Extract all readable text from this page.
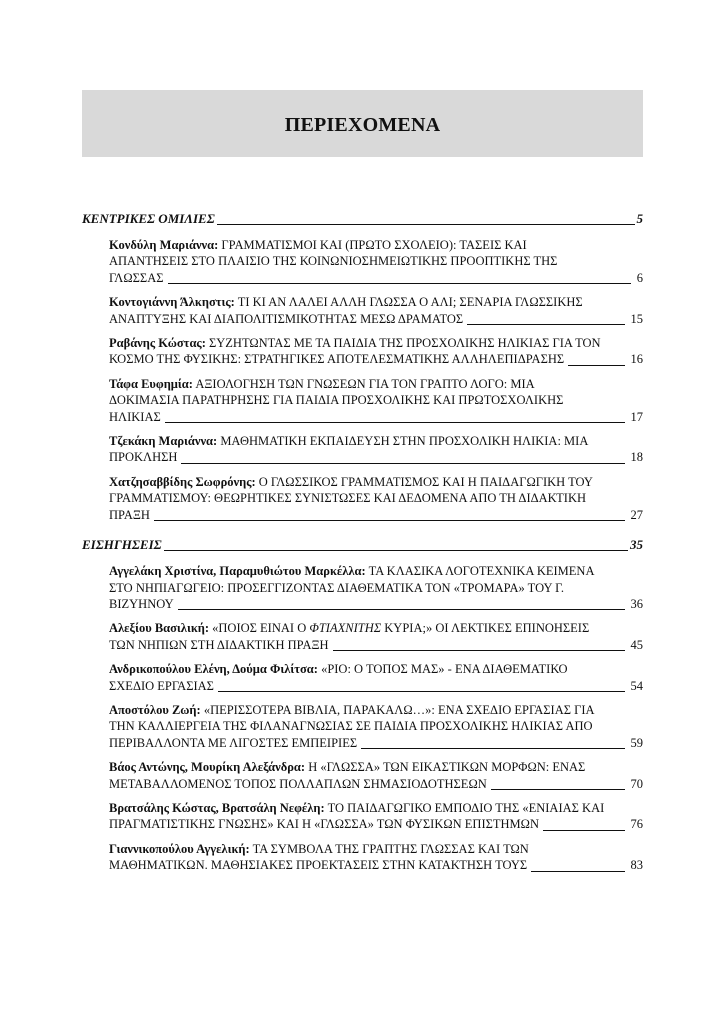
ΠΕΡΙΕΧΟΜΕΝΑ
ΚΕΝΤΡΙΚΕΣ ΟΜΙΛΙΕΣ	5
Κονδύλη Μαριάννα: ΓΡΑΜΜΑΤΙΣΜΟΙ ΚΑΙ (ΠΡΩΤΟ ΣΧΟΛΕΙΟ): ΤΑΣΕΙΣ ΚΑΙ
ΑΠΑΝΤΗΣΕΙΣ ΣΤΟ ΠΛΑΙΣΙΟ ΤΗΣ ΚΟΙΝΩΝΙΟΣΗΜΕΙΩΤΙΚΗΣ ΠΡΟΟΠΤΙΚΗΣ ΤΗΣ
ΓΛΩΣΣΑΣ	6
Κοντογιάννη Άλκηστις: ΤΙ ΚΙ ΑΝ ΛΑΛΕΙ ΑΛΛΗ ΓΛΩΣΣΑ Ο ΑΛΙ; ΣΕΝΑΡΙΑ ΓΛΩΣΣΙΚΗΣ
ΑΝΑΠΤΥΞΗΣ ΚΑΙ ΔΙΑΠΟΛΙΤΙΣΜΙΚΟΤΗΤΑΣ ΜΕΣΩ ΔΡΑΜΑΤΟΣ	15
Ραβάνης Κώστας: ΣΥΖΗΤΩΝΤΑΣ ΜΕ ΤΑ ΠΑΙΔΙΑ ΤΗΣ ΠΡΟΣΧΟΛΙΚΗΣ ΗΛΙΚΙΑΣ ΓΙΑ ΤΟΝ
ΚΟΣΜΟ ΤΗΣ ΦΥΣΙΚΗΣ: ΣΤΡΑΤΗΓΙΚΕΣ ΑΠΟΤΕΛΕΣΜΑΤΙΚΗΣ ΑΛΛΗΛΕΠΙΔΡΑΣΗΣ	16
Τάφα Ευφημία: ΑΞΙΟΛΟΓΗΣΗ ΤΩΝ ΓΝΩΣΕΩΝ ΓΙΑ ΤΟΝ ΓΡΑΠΤΟ ΛΟΓΟ: ΜΙΑ
ΔΟΚΙΜΑΣΙΑ ΠΑΡΑΤΗΡΗΣΗΣ ΓΙΑ ΠΑΙΔΙΑ ΠΡΟΣΧΟΛΙΚΗΣ ΚΑΙ ΠΡΩΤΟΣΧΟΛΙΚΗΣ
ΗΛΙΚΙΑΣ	17
Τζεκάκη Μαριάννα: ΜΑΘΗΜΑΤΙΚΗ ΕΚΠΑΙΔΕΥΣΗ ΣΤΗΝ ΠΡΟΣΧΟΛΙΚΗ ΗΛΙΚΙΑ: ΜΙΑ
ΠΡΟΚΛΗΣΗ	18
Χατζησαββίδης Σωφρόνης: Ο ΓΛΩΣΣΙΚΟΣ ΓΡΑΜΜΑΤΙΣΜΟΣ ΚΑΙ Η ΠΑΙΔΑΓΩΓΙΚΗ ΤΟΥ
ΓΡΑΜΜΑΤΙΣΜΟΥ: ΘΕΩΡΗΤΙΚΕΣ ΣΥΝΙΣΤΩΣΕΣ ΚΑΙ ΔΕΔΟΜΕΝΑ ΑΠΟ ΤΗ ΔΙΔΑΚΤΙΚΗ
ΠΡΑΞΗ	27
ΕΙΣΗΓΗΣΕΙΣ	35
Αγγελάκη Χριστίνα, Παραμυθιώτου Μαρκέλλα: ΤΑ ΚΛΑΣΙΚΑ ΛΟΓΟΤΕΧΝΙΚΑ ΚΕΙΜΕΝΑ
ΣΤΟ ΝΗΠΙΑΓΩΓΕΙΟ: ΠΡΟΣΕΓΓΙΖΟΝΤΑΣ ΔΙΑΘΕΜΑΤΙΚΑ ΤΟΝ «ΤΡΟΜΑΡΑ» ΤΟΥ Γ.
ΒΙΖΥΗΝΟΥ	36
Αλεξίου Βασιλική: «ΠΟΙΟΣ ΕΙΝΑΙ Ο ΦΤΙΑΧΝΙΤΗΣ ΚΥΡΙΑ;» ΟΙ ΛΕΚΤΙΚΕΣ ΕΠΙΝΟΗΣΕΙΣ
ΤΩΝ ΝΗΠΙΩΝ ΣΤΗ ΔΙΔΑΚΤΙΚΗ ΠΡΑΞΗ	45
Ανδρικοπούλου Ελένη, Δούμα Φιλίτσα: «ΡΙΟ: Ο ΤΟΠΟΣ ΜΑΣ» - ΕΝΑ ΔΙΑΘΕΜΑΤΙΚΟ
ΣΧΕΔΙΟ ΕΡΓΑΣΙΑΣ	54
Αποστόλου Ζωή: «ΠΕΡΙΣΣΟΤΕΡΑ ΒΙΒΛΙΑ, ΠΑΡΑΚΑΛΩ…»: ΕΝΑ ΣΧΕΔΙΟ ΕΡΓΑΣΙΑΣ ΓΙΑ
ΤΗΝ ΚΑΛΛΙΕΡΓΕΙΑ ΤΗΣ ΦΙΛΑΝΑΓΝΩΣΙΑΣ ΣΕ ΠΑΙΔΙΑ ΠΡΟΣΧΟΛΙΚΗΣ ΗΛΙΚΙΑΣ ΑΠΟ
ΠΕΡΙΒΑΛΛΟΝΤΑ ΜΕ ΛΙΓΟΣΤΕΣ ΕΜΠΕΙΡΙΕΣ	59
Βάος Αντώνης, Μουρίκη Αλεξάνδρα: Η «ΓΛΩΣΣΑ» ΤΩΝ ΕΙΚΑΣΤΙΚΩΝ ΜΟΡΦΩΝ: ΕΝΑΣ
ΜΕΤΑΒΑΛΛΟΜΕΝΟΣ ΤΟΠΟΣ ΠΟΛΛΑΠΛΩΝ ΣΗΜΑΣΙΟΔΟΤΗΣΕΩΝ	70
Βρατσάλης Κώστας, Βρατσάλη Νεφέλη: ΤΟ ΠΑΙΔΑΓΩΓΙΚΟ ΕΜΠΟΔΙΟ ΤΗΣ «ΕΝΙΑΙΑΣ ΚΑΙ
ΠΡΑΓΜΑΤΙΣΤΙΚΗΣ ΓΝΩΣΗΣ» ΚΑΙ Η «ΓΛΩΣΣΑ» ΤΩΝ ΦΥΣΙΚΩΝ ΕΠΙΣΤΗΜΩΝ	76
Γιαννικοπούλου Αγγελική: ΤΑ ΣΥΜΒΟΛΑ ΤΗΣ ΓΡΑΠΤΗΣ ΓΛΩΣΣΑΣ ΚΑΙ ΤΩΝ
ΜΑΘΗΜΑΤΙΚΩΝ. ΜΑΘΗΣΙΑΚΕΣ ΠΡΟΕΚΤΑΣΕΙΣ ΣΤΗΝ ΚΑΤΑΚΤΗΣΗ ΤΟΥΣ	83
